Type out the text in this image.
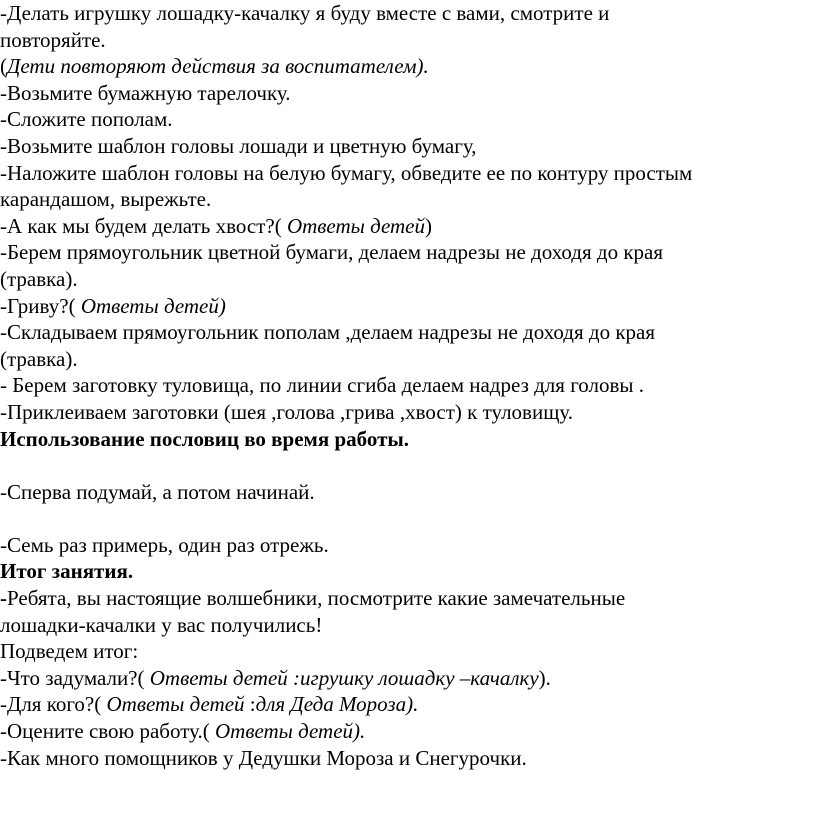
-Делать игрушку лошадку-качалку я буду вместе с вами, смотрите и
повторяйте.
(Дети повторяют действия за воспитателем).
-Возьмите бумажную тарелочку.
-Сложите пополам.
-Возьмите шаблон головы лошади и цветную бумагу,
-Наложите шаблон головы на белую бумагу, обведите ее по контуру простым
карандашом, вырежьте.
-А как мы будем делать хвост?( Ответы детей)
-Берем прямоугольник цветной бумаги, делаем надрезы не доходя до края
(травка).
-Гриву?( Ответы детей)
-Складываем прямоугольник пополам ,делаем надрезы не доходя до края
(травка).
- Берем заготовку туловища, по линии сгиба делаем надрез для головы .
-Приклеиваем заготовки (шея ,голова ,грива ,хвост) к туловищу.
Использование пословиц во время работы.
-Сперва подумай, а потом начинай.
-Семь раз примерь, один раз отрежь.
Итог занятия.
-Ребята, вы настоящие волшебники, посмотрите какие замечательные
лошадки-качалки у вас получились!
Подведем итог:
-Что задумали?( Ответы детей :игрушку лошадку –качалку).
-Для кого?( Ответы детей :для Деда Мороза).
-Оцените свою работу.( Ответы детей).
-Как много помощников у Дедушки Мороза и Снегурочки.
